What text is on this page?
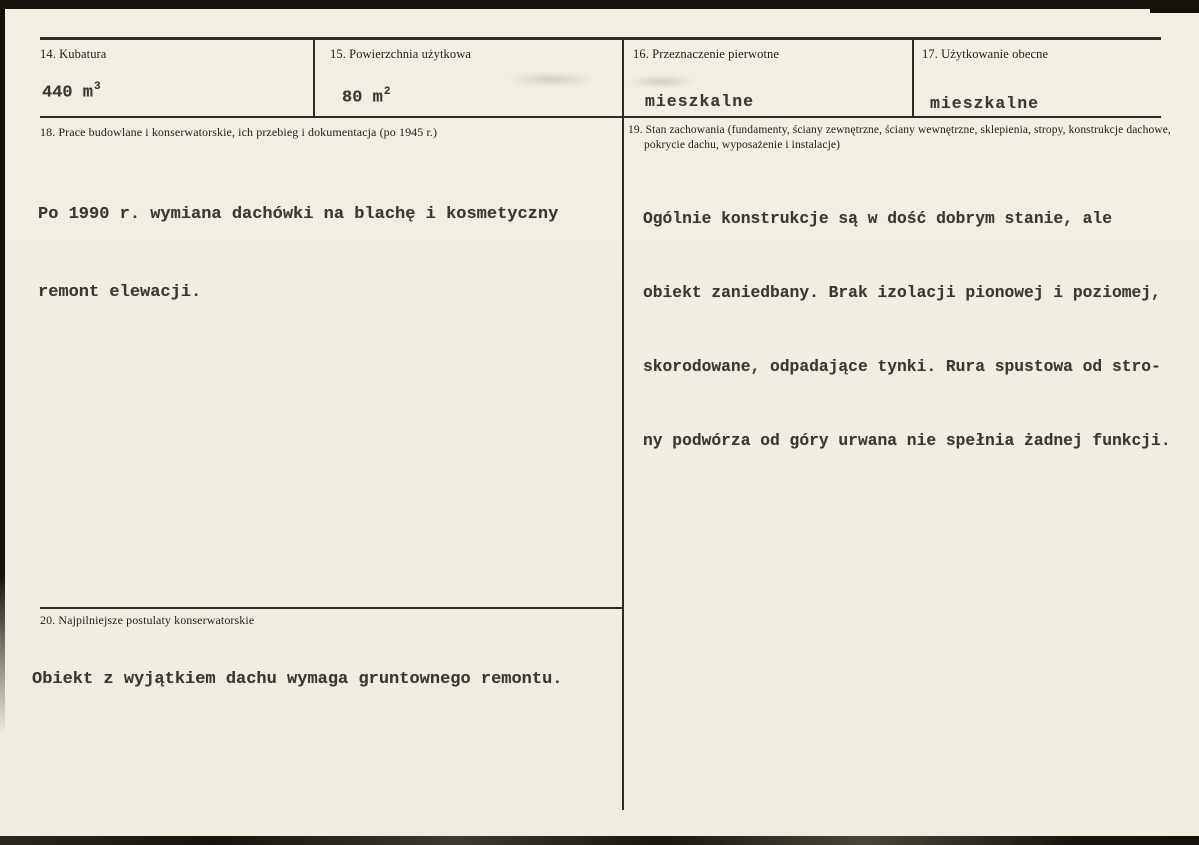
14. Kubatura
440 $m^3$
15. Powierzchnia użytkowa
80 $m^2$
16. Przeznaczenie pierwotne
mieszkalne
17. Użytkowanie obecne
mieszkalne
18. Prace budowlane i konserwatorskie, ich przebieg i dokumentacja (po 1945 r.)

Po 1990 r. wymiana dachówki na blachę i kosmetyczny

remont elewacji.

19. Stan zachowania (fundamenty, ściany zewnętrzne, ściany wewnętrzne, sklepienia, stropy, konstrukcje dachowe, pokrycie dachu, wyposażenie i instalacje)

Ogólnie konstrukcje są w dość dobrym stanie, ale

obiekt zaniedbany. Brak izolacji pionowej i poziomej,

skorodowane, odpadające tynki. Rura spustowa od stro-

ny podwórza od góry urwana nie spełnia żadnej funkcji.

20. Najpilniejsze postulaty konserwatorskie

Obiekt z wyjątkiem dachu wymaga gruntownego remontu.
